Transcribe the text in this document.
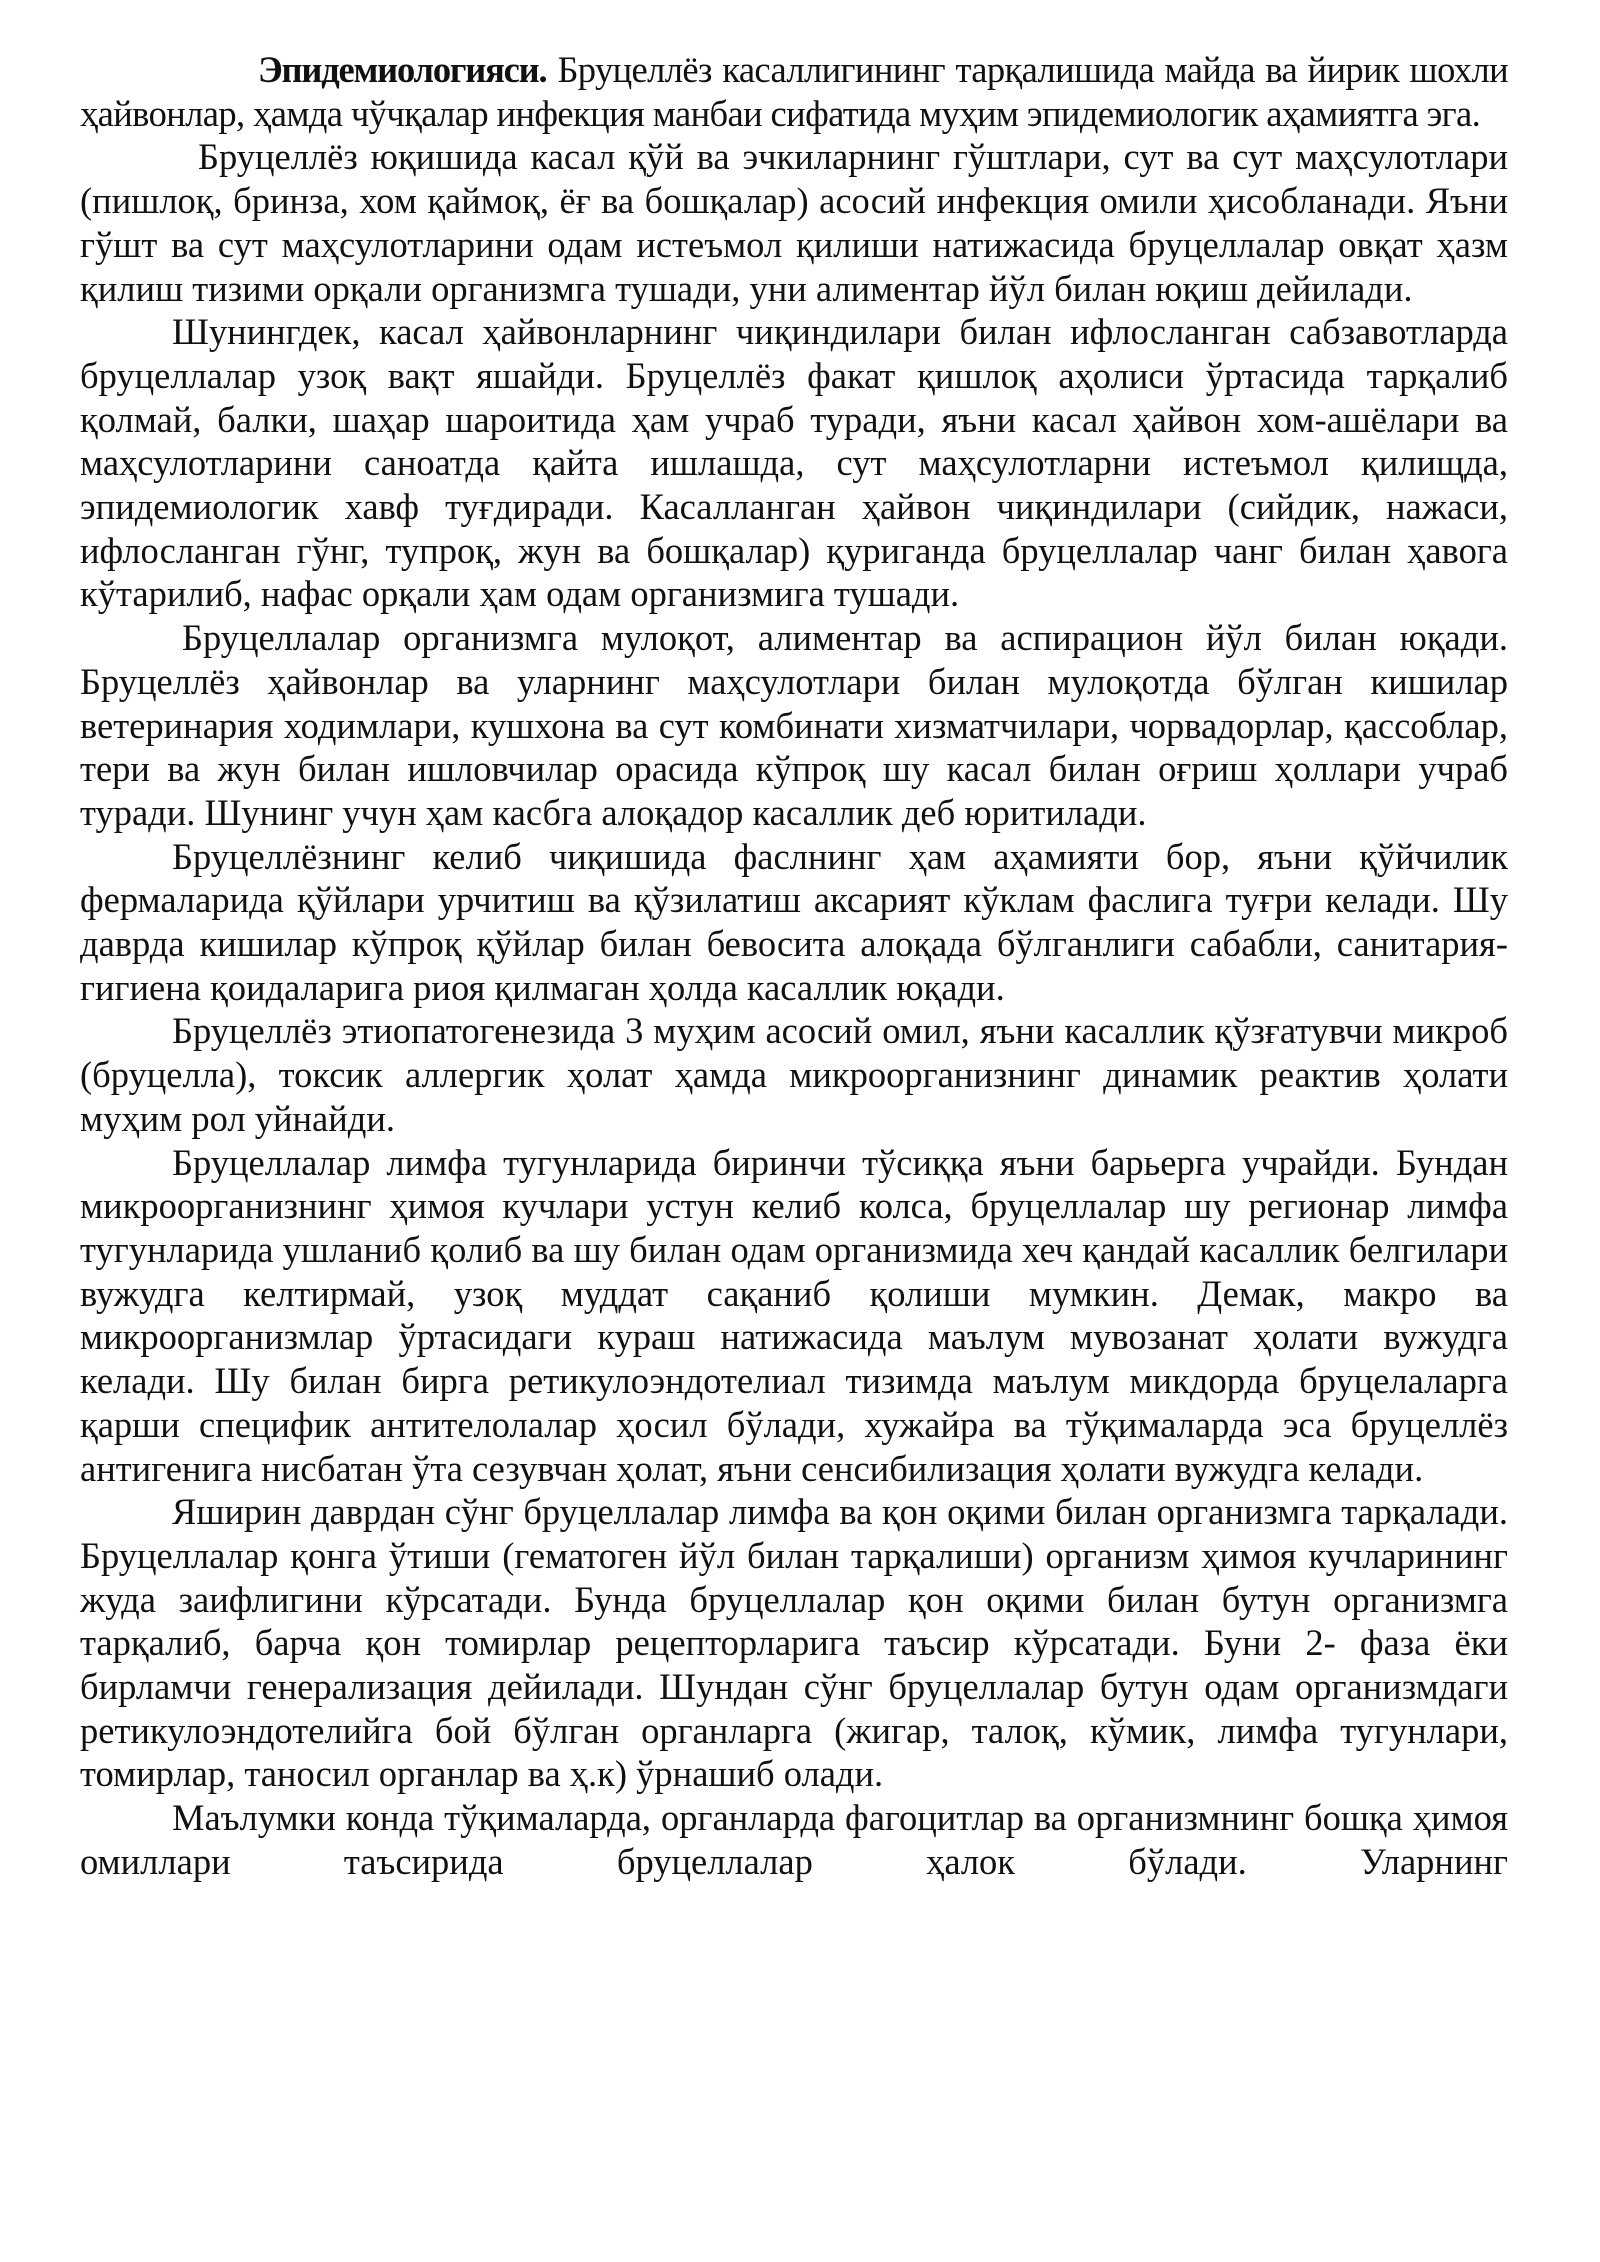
Эпидемиологияси. Бруцеллёз касаллигининг тарқалишида майда ва йирик шохли ҳайвонлар, ҳамда чўчқалар инфекция манбаи сифатида муҳим эпидемиологик аҳамиятга эга.

Бруцеллёз юқишида касал қўй ва эчкиларнинг гўштлари, сут ва сут маҳсулотлари (пишлоқ, бринза, хом қаймоқ, ёғ ва бошқалар) асосий инфекция омили ҳисобланади. Яъни гўшт ва сут маҳсулотларини одам истеъмол қилиши натижасида бруцеллалар овқат ҳазм қилиш тизими орқали организмга тушади, уни алиментар йўл билан юқиш дейилади.

Шунингдек, касал ҳайвонларнинг чиқиндилари билан ифлосланган сабзавотларда бруцеллалар узоқ вақт яшайди. Бруцеллёз факат қишлоқ аҳолиси ўртасида тарқалиб қолмай, балки, шаҳар шароитида ҳам учраб туради, яъни касал ҳайвон хом-ашёлари ва маҳсулотларини саноатда қайта ишлашда, сут маҳсулотларни истеъмол қилищда, эпидемиологик хавф туғдиради. Касалланган ҳайвон чиқиндилари (сийдик, нажаси, ифлосланган гўнг, тупроқ, жун ва бошқалар) қуриганда бруцеллалар чанг билан ҳавога кўтарилиб, нафас орқали ҳам одам организмига тушади.

Бруцеллалар организмга мулоқот, алиментар ва аспирацион йўл билан юқади. Бруцеллёз ҳайвонлар ва уларнинг маҳсулотлари билан мулоқотда бўлган кишилар ветеринария ходимлари, кушхона ва сут комбинати хизматчилари, чорвадорлар, қассоблар, тери ва жун билан ишловчилар орасида кўпроқ шу касал билан оғриш ҳоллари учраб туради. Шунинг учун ҳам касбга алоқадор касаллик деб юритилади.

Бруцеллёзнинг келиб чиқишида фаслнинг ҳам аҳамияти бор, яъни қўйчилик фермаларида қўйлари урчитиш ва қўзилатиш аксарият кўклам фаслига туғри келади. Шу даврда кишилар кўпроқ қўйлар билан бевосита алоқада бўлганлиги сабабли, санитария-гигиена қоидаларига риоя қилмаган ҳолда касаллик юқади.

Бруцеллёз этиопатогенезида 3 муҳим асосий омил, яъни касаллик қўзғатувчи микроб (бруцелла), токсик аллергик ҳолат ҳамда микроорганизнинг динамик реактив ҳолати муҳим рол уйнайди.

Бруцеллалар лимфа тугунларида биринчи тўсиққа яъни барьерга учрайди. Бундан микроорганизнинг ҳимоя кучлари устун келиб колса, бруцеллалар шу регионар лимфа тугунларида ушланиб қолиб ва шу билан одам организмида хеч қандай касаллик белгилари вужудга келтирмай, узоқ муддат сақаниб қолиши мумкин. Демак, макро ва микроорганизмлар ўртасидаги кураш натижасида маълум мувозанат ҳолати вужудга келади. Шу билан бирга ретикулоэндотелиал тизимда маълум микдорда бруцелаларга қарши специфик антителолалар ҳосил бўлади, хужайра ва тўқималарда эса бруцеллёз антигенига нисбатан ўта сезувчан ҳолат, яъни сенсибилизация ҳолати вужудга келади.

Яширин даврдан сўнг бруцеллалар лимфа ва қон оқими билан организмга тарқалади. Бруцеллалар қонга ўтиши (гематоген йўл билан тарқалиши) организм ҳимоя кучларининг жуда заифлигини кўрсатади. Бунда бруцеллалар қон оқими билан бутун организмга тарқалиб, барча қон томирлар рецепторларига таъсир кўрсатади. Буни 2- фаза ёки бирламчи генерализация дейилади. Шундан сўнг бруцеллалар бутун одам организмдаги ретикулоэндотелийга бой бўлган органларга (жигар, талоқ, кўмик, лимфа тугунлари, томирлар, таносил органлар ва ҳ.к) ўрнашиб олади.

Маълумки конда тўқималарда, органларда фагоцитлар ва организмнинг бошқа ҳимоя омиллари таъсирида бруцеллалар ҳалок бўлади. Уларнинг
